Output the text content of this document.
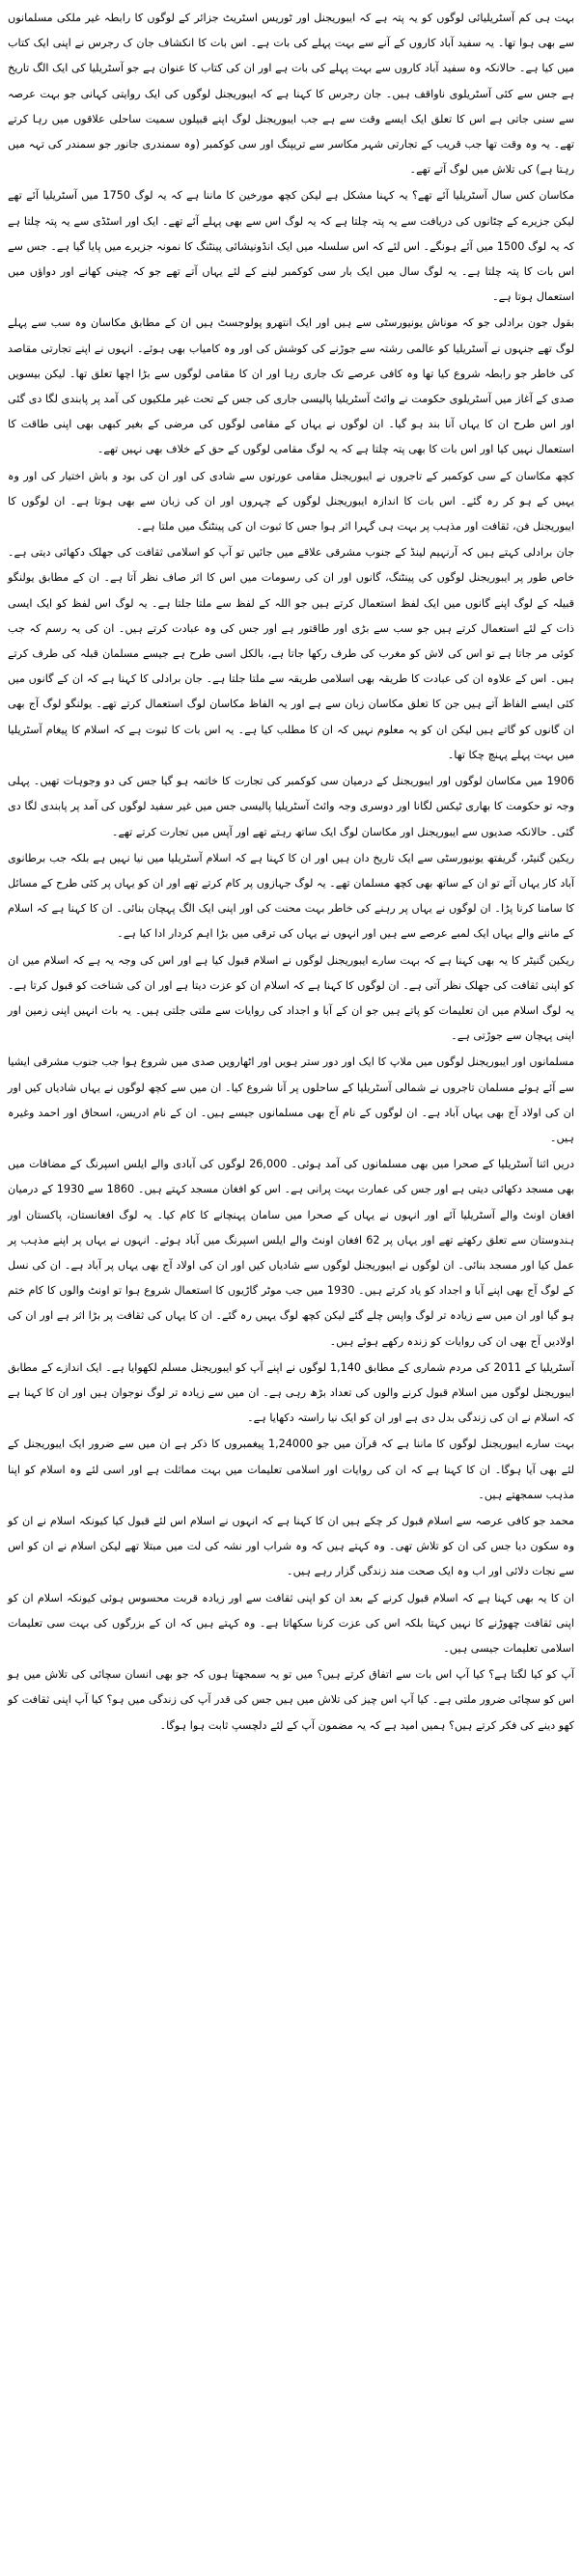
بہت ہی کم آسٹریلیائی لوگوں کو یہ پتہ ہے کہ ایبوریجنل اور ٹوریس اسٹریٹ جزائر کے لوگوں کا رابطہ غیر ملکی مسلمانوں سے بھی ہوا تھا۔ یہ سفید آباد کاروں کے آنے سے بہت پہلے کی بات ہے۔ اس بات کا انکشاف جان ک رجرس نے اپنی ایک کتاب میں کیا ہے۔ حالانکہ وہ سفید آباد کاروں سے بہت پہلے کی بات ہے اور ان کی کتاب کا عنوان ہے جو آسٹریلیا کی ایک الگ تاریخ ہے جس سے کئی آسٹریلوی ناواقف ہیں۔ جان رجرس کا کہنا ہے کہ ایبوریجنل لوگوں کی ایک روایتی کہانی جو بہت عرصہ سے سنی جاتی ہے اس کا تعلق ایک ایسے وقت سے ہے جب ایبوریجنل لوگ اپنے قبیلوں سمیت ساحلی علاقوں میں رہا کرتے تھے۔ یہ وہ وقت تھا جب قریب کے تجارتی شہر مکاسر سے تریپنگ اور سی کوکمبر (وہ سمندری جانور جو سمندر کی تہہ میں رہتا ہے) کی تلاش میں لوگ آتے تھے۔

مکاسان کس سال آسٹریلیا آئے تھے؟ یہ کہنا مشکل ہے لیکن کچھ مورخین کا ماننا ہے کہ یہ لوگ 1750 میں آسٹریلیا آئے تھے لیکن جزیرے کے چٹانوں کی دریافت سے یہ پتہ چلتا ہے کہ یہ لوگ اس سے بھی پہلے آئے تھے۔ ایک اور اسٹڈی سے یہ پتہ چلتا ہے کہ یہ لوگ 1500 میں آئے ہونگے۔ اس لئے کہ اس سلسلہ میں ایک انڈونیشائی پینٹنگ کا نمونہ جزیرے میں پایا گیا ہے۔ جس سے اس بات کا پتہ چلتا ہے۔ یہ لوگ سال میں ایک بار سی کوکمبر لینے کے لئے یہاں آتے تھے جو کہ چینی کھانے اور دواؤں میں استعمال ہوتا ہے۔

بقول جون برادلی جو کہ موناش یونیورسٹی سے ہیں اور ایک انتھرو پولوجسٹ ہیں ان کے مطابق مکاسان وہ سب سے پہلے لوگ تھے جنہوں نے آسٹریلیا کو عالمی رشتہ سے جوڑنے کی کوشش کی اور وہ کامیاب بھی ہوئے۔ انہوں نے اپنے تجارتی مقاصد کی خاطر جو رابطہ شروع کیا تھا وہ کافی عرصے تک جاری رہا اور ان کا مقامی لوگوں سے بڑا اچھا تعلق تھا۔ لیکن بیسویں صدی کے آغاز میں آسٹریلوی حکومت نے وائٹ آسٹریلیا پالیسی جاری کی جس کے تحت غیر ملکیوں کی آمد پر پابندی لگا دی گئی اور اس طرح ان کا یہاں آنا بند ہو گیا۔ ان لوگوں نے یہاں کے مقامی لوگوں کی مرضی کے بغیر کبھی بھی اپنی طاقت کا استعمال نہیں کیا اور اس بات کا بھی پتہ چلتا ہے کہ یہ لوگ مقامی لوگوں کے حق کے خلاف بھی نہیں تھے۔

کچھ مکاسان کے سی کوکمبر کے تاجروں نے ایبوریجنل مقامی عورتوں سے شادی کی اور ان کی بود و باش اختیار کی اور وہ یہیں کے ہو کر رہ گئے۔ اس بات کا اندازہ ایبوریجنل لوگوں کے چہروں اور ان کی زبان سے بھی ہوتا ہے۔ ان لوگوں کا ایبوریجنل فن، ثقافت اور مذہب پر بہت ہی گہرا اثر ہوا جس کا ثبوت ان کی پینٹنگ میں ملتا ہے۔

جان برادلی کہتے ہیں کہ آرنہیم لینڈ کے جنوب مشرقی علاقے میں جائیں تو آپ کو اسلامی ثقافت کی جھلک دکھائی دیتی ہے۔ خاص طور پر ایبوریجنل لوگوں کی پینٹنگ، گانوں اور ان کی رسومات میں اس کا اثر صاف نظر آتا ہے۔ ان کے مطابق یولنگو قبیلہ کے لوگ اپنے گانوں میں ایک لفظ استعمال کرتے ہیں جو اللہ کے لفظ سے ملتا جلتا ہے۔ یہ لوگ اس لفظ کو ایک ایسی ذات کے لئے استعمال کرتے ہیں جو سب سے بڑی اور طاقتور ہے اور جس کی وہ عبادت کرتے ہیں۔ ان کی یہ رسم کہ جب کوئی مر جاتا ہے تو اس کی لاش کو مغرب کی طرف رکھا جاتا ہے، بالکل اسی طرح ہے جیسے مسلمان قبلہ کی طرف کرتے ہیں۔ اس کے علاوہ ان کی عبادت کا طریقہ بھی اسلامی طریقہ سے ملتا جلتا ہے۔ جان برادلی کا کہنا ہے کہ ان کے گانوں میں کئی ایسے الفاظ آتے ہیں جن کا تعلق مکاسان زبان سے ہے اور یہ الفاظ مکاسان لوگ استعمال کرتے تھے۔ یولنگو لوگ آج بھی ان گانوں کو گاتے ہیں لیکن ان کو یہ معلوم نہیں کہ ان کا مطلب کیا ہے۔ یہ اس بات کا ثبوت ہے کہ اسلام کا پیغام آسٹریلیا میں بہت پہلے پہنچ چکا تھا۔

1906 میں مکاسان لوگوں اور ایبوریجنل کے درمیان سی کوکمبر کی تجارت کا خاتمہ ہو گیا جس کی دو وجوہات تھیں۔ پہلی وجہ تو حکومت کا بھاری ٹیکس لگانا اور دوسری وجہ وائٹ آسٹریلیا پالیسی جس میں غیر سفید لوگوں کی آمد پر پابندی لگا دی گئی۔ حالانکہ صدیوں سے ایبوریجنل اور مکاسان لوگ ایک ساتھ رہتے تھے اور آپس میں تجارت کرتے تھے۔

ریکین گنیٹر، گریفتھ یونیورسٹی سے ایک تاریخ دان ہیں اور ان کا کہنا ہے کہ اسلام آسٹریلیا میں نیا نہیں ہے بلکہ جب برطانوی آباد کار یہاں آئے تو ان کے ساتھ بھی کچھ مسلمان تھے۔ یہ لوگ جہازوں پر کام کرتے تھے اور ان کو یہاں پر کئی طرح کے مسائل کا سامنا کرنا پڑا۔ ان لوگوں نے یہاں پر رہنے کی خاطر بہت محنت کی اور اپنی ایک الگ پہچان بنائی۔ ان کا کہنا ہے کہ اسلام کے ماننے والے یہاں ایک لمبے عرصے سے ہیں اور انہوں نے یہاں کی ترقی میں بڑا اہم کردار ادا کیا ہے۔

ریکین گنیٹر کا یہ بھی کہنا ہے کہ بہت سارے ایبوریجنل لوگوں نے اسلام قبول کیا ہے اور اس کی وجہ یہ ہے کہ اسلام میں ان کو اپنی ثقافت کی جھلک نظر آتی ہے۔ ان لوگوں کا کہنا ہے کہ اسلام ان کو عزت دیتا ہے اور ان کی شناخت کو قبول کرتا ہے۔ یہ لوگ اسلام میں ان تعلیمات کو پاتے ہیں جو ان کے آبا و اجداد کی روایات سے ملتی جلتی ہیں۔ یہ بات انہیں اپنی زمین اور اپنی پہچان سے جوڑتی ہے۔

مسلمانوں اور ایبوریجنل لوگوں میں ملاپ کا ایک اور دور ستر ہویں اور اٹھارویں صدی میں شروع ہوا جب جنوب مشرقی ایشیا سے آئے ہوئے مسلمان تاجروں نے شمالی آسٹریلیا کے ساحلوں پر آنا شروع کیا۔ ان میں سے کچھ لوگوں نے یہاں شادیاں کیں اور ان کی اولاد آج بھی یہاں آباد ہے۔ ان لوگوں کے نام آج بھی مسلمانوں جیسے ہیں۔ ان کے نام ادریس، اسحاق اور احمد وغیرہ ہیں۔

دریں اثنا آسٹریلیا کے صحرا میں بھی مسلمانوں کی آمد ہوئی۔ 26,000 لوگوں کی آبادی والے ایلس اسپرنگ کے مضافات میں بھی مسجد دکھائی دیتی ہے اور جس کی عمارت بہت پرانی ہے۔ اس کو افغان مسجد کہتے ہیں۔ 1860 سے 1930 کے درمیان افغان اونٹ والے آسٹریلیا آئے اور انہوں نے یہاں کے صحرا میں سامان پہنچانے کا کام کیا۔ یہ لوگ افغانستان، پاکستان اور ہندوستان سے تعلق رکھتے تھے اور یہاں پر 62 افغان اونٹ والے ایلس اسپرنگ میں آباد ہوئے۔ انہوں نے یہاں پر اپنے مذہب پر عمل کیا اور مسجد بنائی۔ ان لوگوں نے ایبوریجنل لوگوں سے شادیاں کیں اور ان کی اولاد آج بھی یہاں پر آباد ہے۔ ان کی نسل کے لوگ آج بھی اپنے آبا و اجداد کو یاد کرتے ہیں۔ 1930 میں جب موٹر گاڑیوں کا استعمال شروع ہوا تو اونٹ والوں کا کام ختم ہو گیا اور ان میں سے زیادہ تر لوگ واپس چلے گئے لیکن کچھ لوگ یہیں رہ گئے۔ ان کا یہاں کی ثقافت پر بڑا اثر ہے اور ان کی اولادیں آج بھی ان کی روایات کو زندہ رکھے ہوئے ہیں۔

آسٹریلیا کے 2011 کی مردم شماری کے مطابق 1,140 لوگوں نے اپنے آپ کو ایبوریجنل مسلم لکھوایا ہے۔ ایک اندازے کے مطابق ایبوریجنل لوگوں میں اسلام قبول کرنے والوں کی تعداد بڑھ رہی ہے۔ ان میں سے زیادہ تر لوگ نوجوان ہیں اور ان کا کہنا ہے کہ اسلام نے ان کی زندگی بدل دی ہے اور ان کو ایک نیا راستہ دکھایا ہے۔

بہت سارے ایبوریجنل لوگوں کا ماننا ہے کہ قرآن میں جو 1,24000 پیغمبروں کا ذکر ہے ان میں سے ضرور ایک ایبوریجنل کے لئے بھی آیا ہوگا۔ ان کا کہنا ہے کہ ان کی روایات اور اسلامی تعلیمات میں بہت مماثلت ہے اور اسی لئے وہ اسلام کو اپنا مذہب سمجھتے ہیں۔

محمد جو کافی عرصہ سے اسلام قبول کر چکے ہیں ان کا کہنا ہے کہ انہوں نے اسلام اس لئے قبول کیا کیونکہ اسلام نے ان کو وہ سکون دیا جس کی ان کو تلاش تھی۔ وہ کہتے ہیں کہ وہ شراب اور نشہ کی لت میں مبتلا تھے لیکن اسلام نے ان کو اس سے نجات دلائی اور اب وہ ایک صحت مند زندگی گزار رہے ہیں۔

ان کا یہ بھی کہنا ہے کہ اسلام قبول کرنے کے بعد ان کو اپنی ثقافت سے اور زیادہ قربت محسوس ہوئی کیونکہ اسلام ان کو اپنی ثقافت چھوڑنے کا نہیں کہتا بلکہ اس کی عزت کرنا سکھاتا ہے۔ وہ کہتے ہیں کہ ان کے بزرگوں کی بہت سی تعلیمات اسلامی تعلیمات جیسی ہیں۔

آپ کو کیا لگتا ہے؟ کیا آپ اس بات سے اتفاق کرتے ہیں؟ میں تو یہ سمجھتا ہوں کہ جو بھی انسان سچائی کی تلاش میں ہو اس کو سچائی ضرور ملتی ہے۔ کیا آپ اس چیز کی تلاش میں ہیں جس کی قدر آپ کی زندگی میں ہو؟ کیا آپ اپنی ثقافت کو کھو دینے کی فکر کرتے ہیں؟ ہمیں امید ہے کہ یہ مضمون آپ کے لئے دلچسپ ثابت ہوا ہوگا۔
